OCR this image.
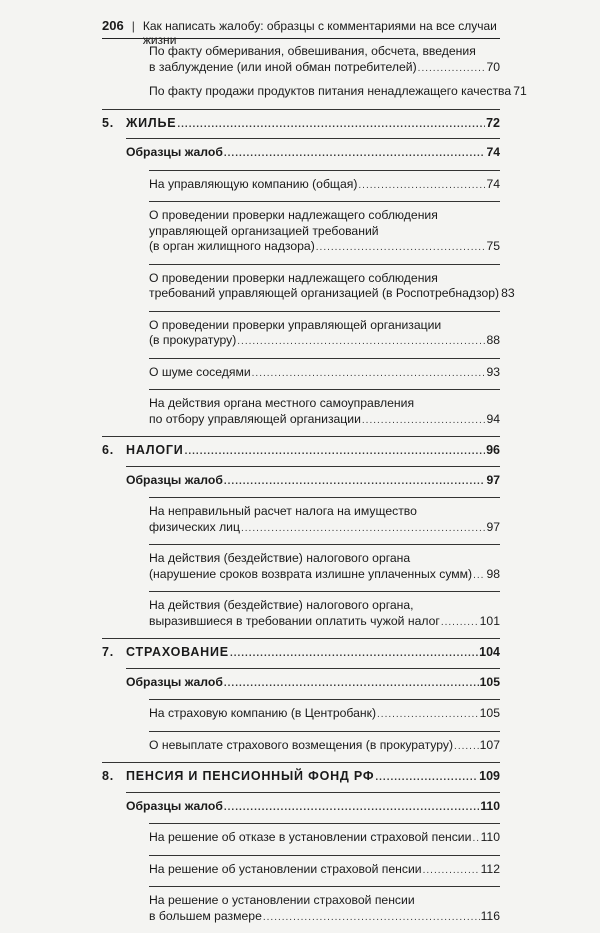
206 | Как написать жалобу: образцы с комментариями на все случаи жизни
По факту обмеривания, обвешивания, обсчета, введения
в заблуждение (или иной обман потребителей) .....	70
По факту продажи продуктов питания ненадлежащего качества 71
5. ЖИЛЬЕ .....	72
Образцы жалоб .....	74
На управляющую компанию (общая) .....	74
О проведении проверки надлежащего соблюдения
управляющей организацией требований
(в орган жилищного надзора) .....	75
О проведении проверки надлежащего соблюдения
требований управляющей организацией (в Роспотребнадзор) 83
О проведении проверки управляющей организации
(в прокуратуру) .....	88
О шуме соседями .....	93
На действия органа местного самоуправления
по отбору управляющей организации .....	94
6. НАЛОГИ .....	96
Образцы жалоб .....	97
На неправильный расчет налога на имущество
физических лиц .....	97
На действия (бездействие) налогового органа
(нарушение сроков возврата излишне уплаченных сумм) ..... 98
На действия (бездействие) налогового органа,
выразившиеся в требовании оплатить чужой налог .....	101
7. СТРАХОВАНИЕ .....	104
Образцы жалоб .....	105
На страховую компанию (в Центробанк) .....	105
О невыплате страхового возмещения (в прокуратуру) ..... 107
8. ПЕНСИЯ И ПЕНСИОННЫЙ ФОНД РФ .....	109
Образцы жалоб .....	110
На решение об отказе в установлении страховой пенсии ..... 110
На решение об установлении страховой пенсии .....	112
На решение о установлении страховой пенсии
в большем размере .....	116
